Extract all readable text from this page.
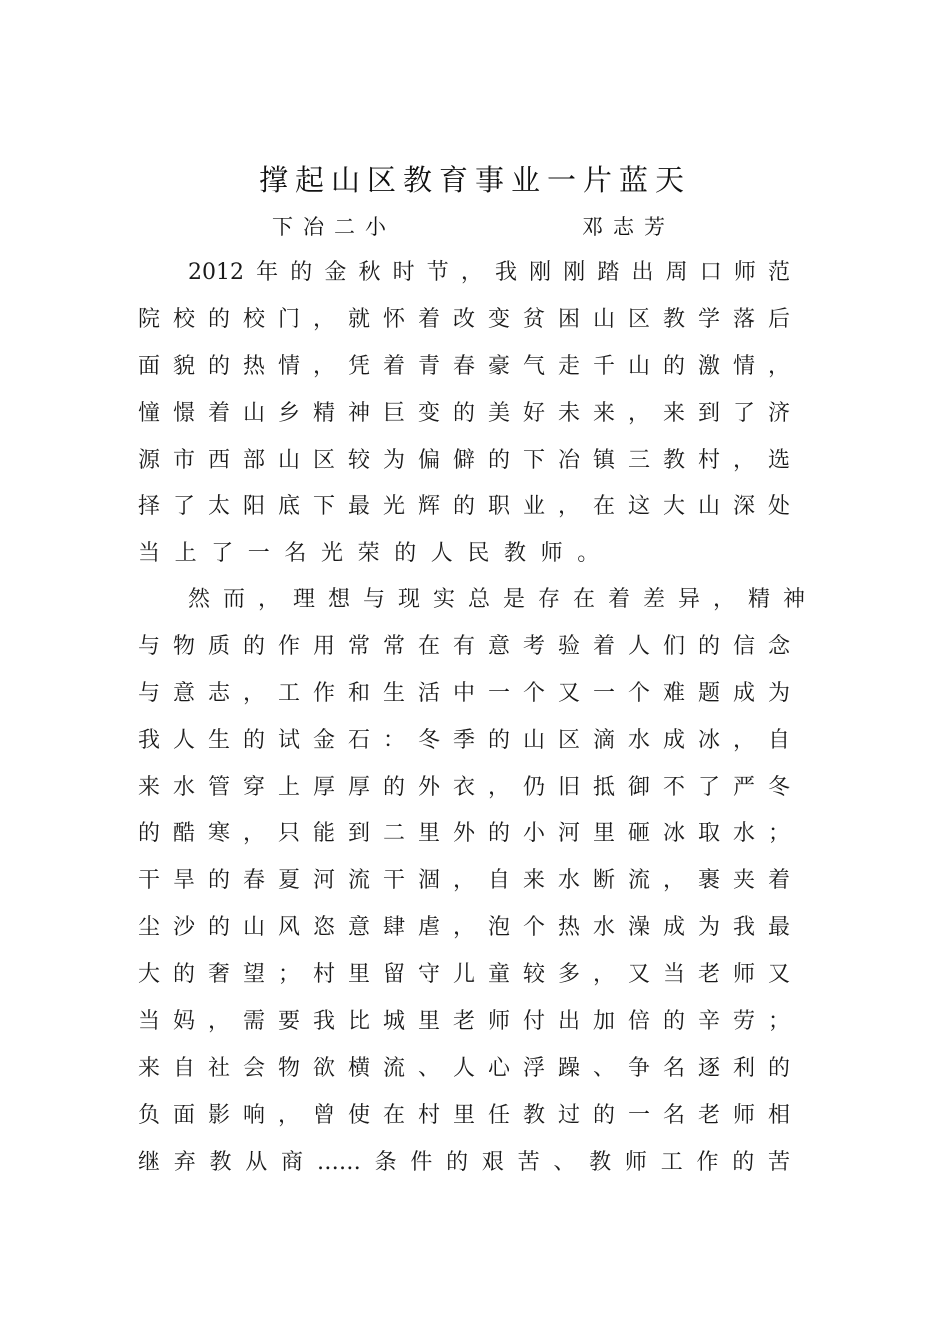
撑起山区教育事业一片蓝天
下冶二小	邓志芳
2012年的金秋时节，我刚刚踏出周口师范
院校的校门，就怀着改变贫困山区教学落后
面貌的热情，凭着青春豪气走千山的激情，
憧憬着山乡精神巨变的美好未来，来到了济
源市西部山区较为偏僻的下冶镇三教村，选
择了太阳底下最光辉的职业，在这大山深处
当上了一名光荣的人民教师。
然而，理想与现实总是存在着差异，精神
与物质的作用常常在有意考验着人们的信念
与意志，工作和生活中一个又一个难题成为
我人生的试金石：冬季的山区滴水成冰，自
来水管穿上厚厚的外衣，仍旧抵御不了严冬
的酷寒，只能到二里外的小河里砸冰取水；
干旱的春夏河流干涸，自来水断流，裹夹着
尘沙的山风恣意肆虐，泡个热水澡成为我最
大的奢望；村里留守儿童较多，又当老师又
当妈，需要我比城里老师付出加倍的辛劳；
来自社会物欲横流、人心浮躁、争名逐利的
负面影响，曾使在村里任教过的一名老师相
继弃教从商……条件的艰苦、教师工作的苦
